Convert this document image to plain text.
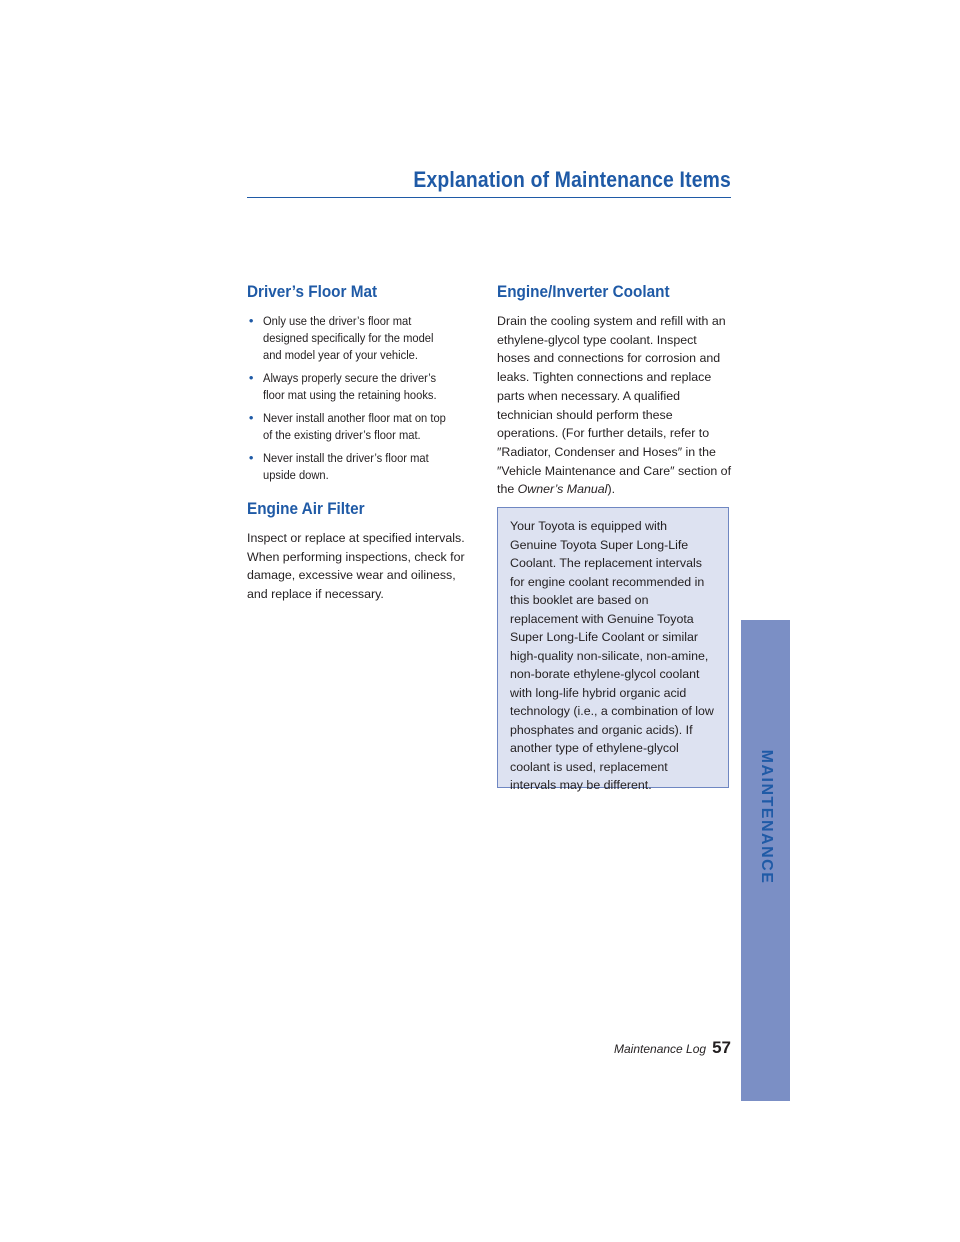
Explanation of Maintenance Items
Driver’s Floor Mat
• Only use the driver’s floor mat designed specifically for the model and model year of your vehicle.
• Always properly secure the driver’s floor mat using the retaining hooks.
• Never install another floor mat on top of the existing driver’s floor mat.
• Never install the driver’s floor mat upside down.
Engine Air Filter

Inspect or replace at specified intervals. When performing inspections, check for damage, excessive wear and oiliness, and replace if necessary.

Engine/Inverter Coolant

Drain the cooling system and refill with an ethylene-glycol type coolant. Inspect hoses and connections for corrosion and leaks. Tighten connections and replace parts when necessary. A qualified technician should perform these operations. (For further details, refer to ″Radiator, Condenser and Hoses″ in the ″Vehicle Maintenance and Care″ section of the Owner’s Manual).

Your Toyota is equipped with Genuine Toyota Super Long-Life Coolant. The replacement intervals for engine coolant recommended in this booklet are based on replacement with Genuine Toyota Super Long-Life Coolant or similar high-quality non-silicate, non-amine, non-borate ethylene-glycol coolant with long-life hybrid organic acid technology (i.e., a combination of low phosphates and organic acids). If another type of ethylene-glycol coolant is used, replacement intervals may be different.	MAINTENANCE
Maintenance Log 57
